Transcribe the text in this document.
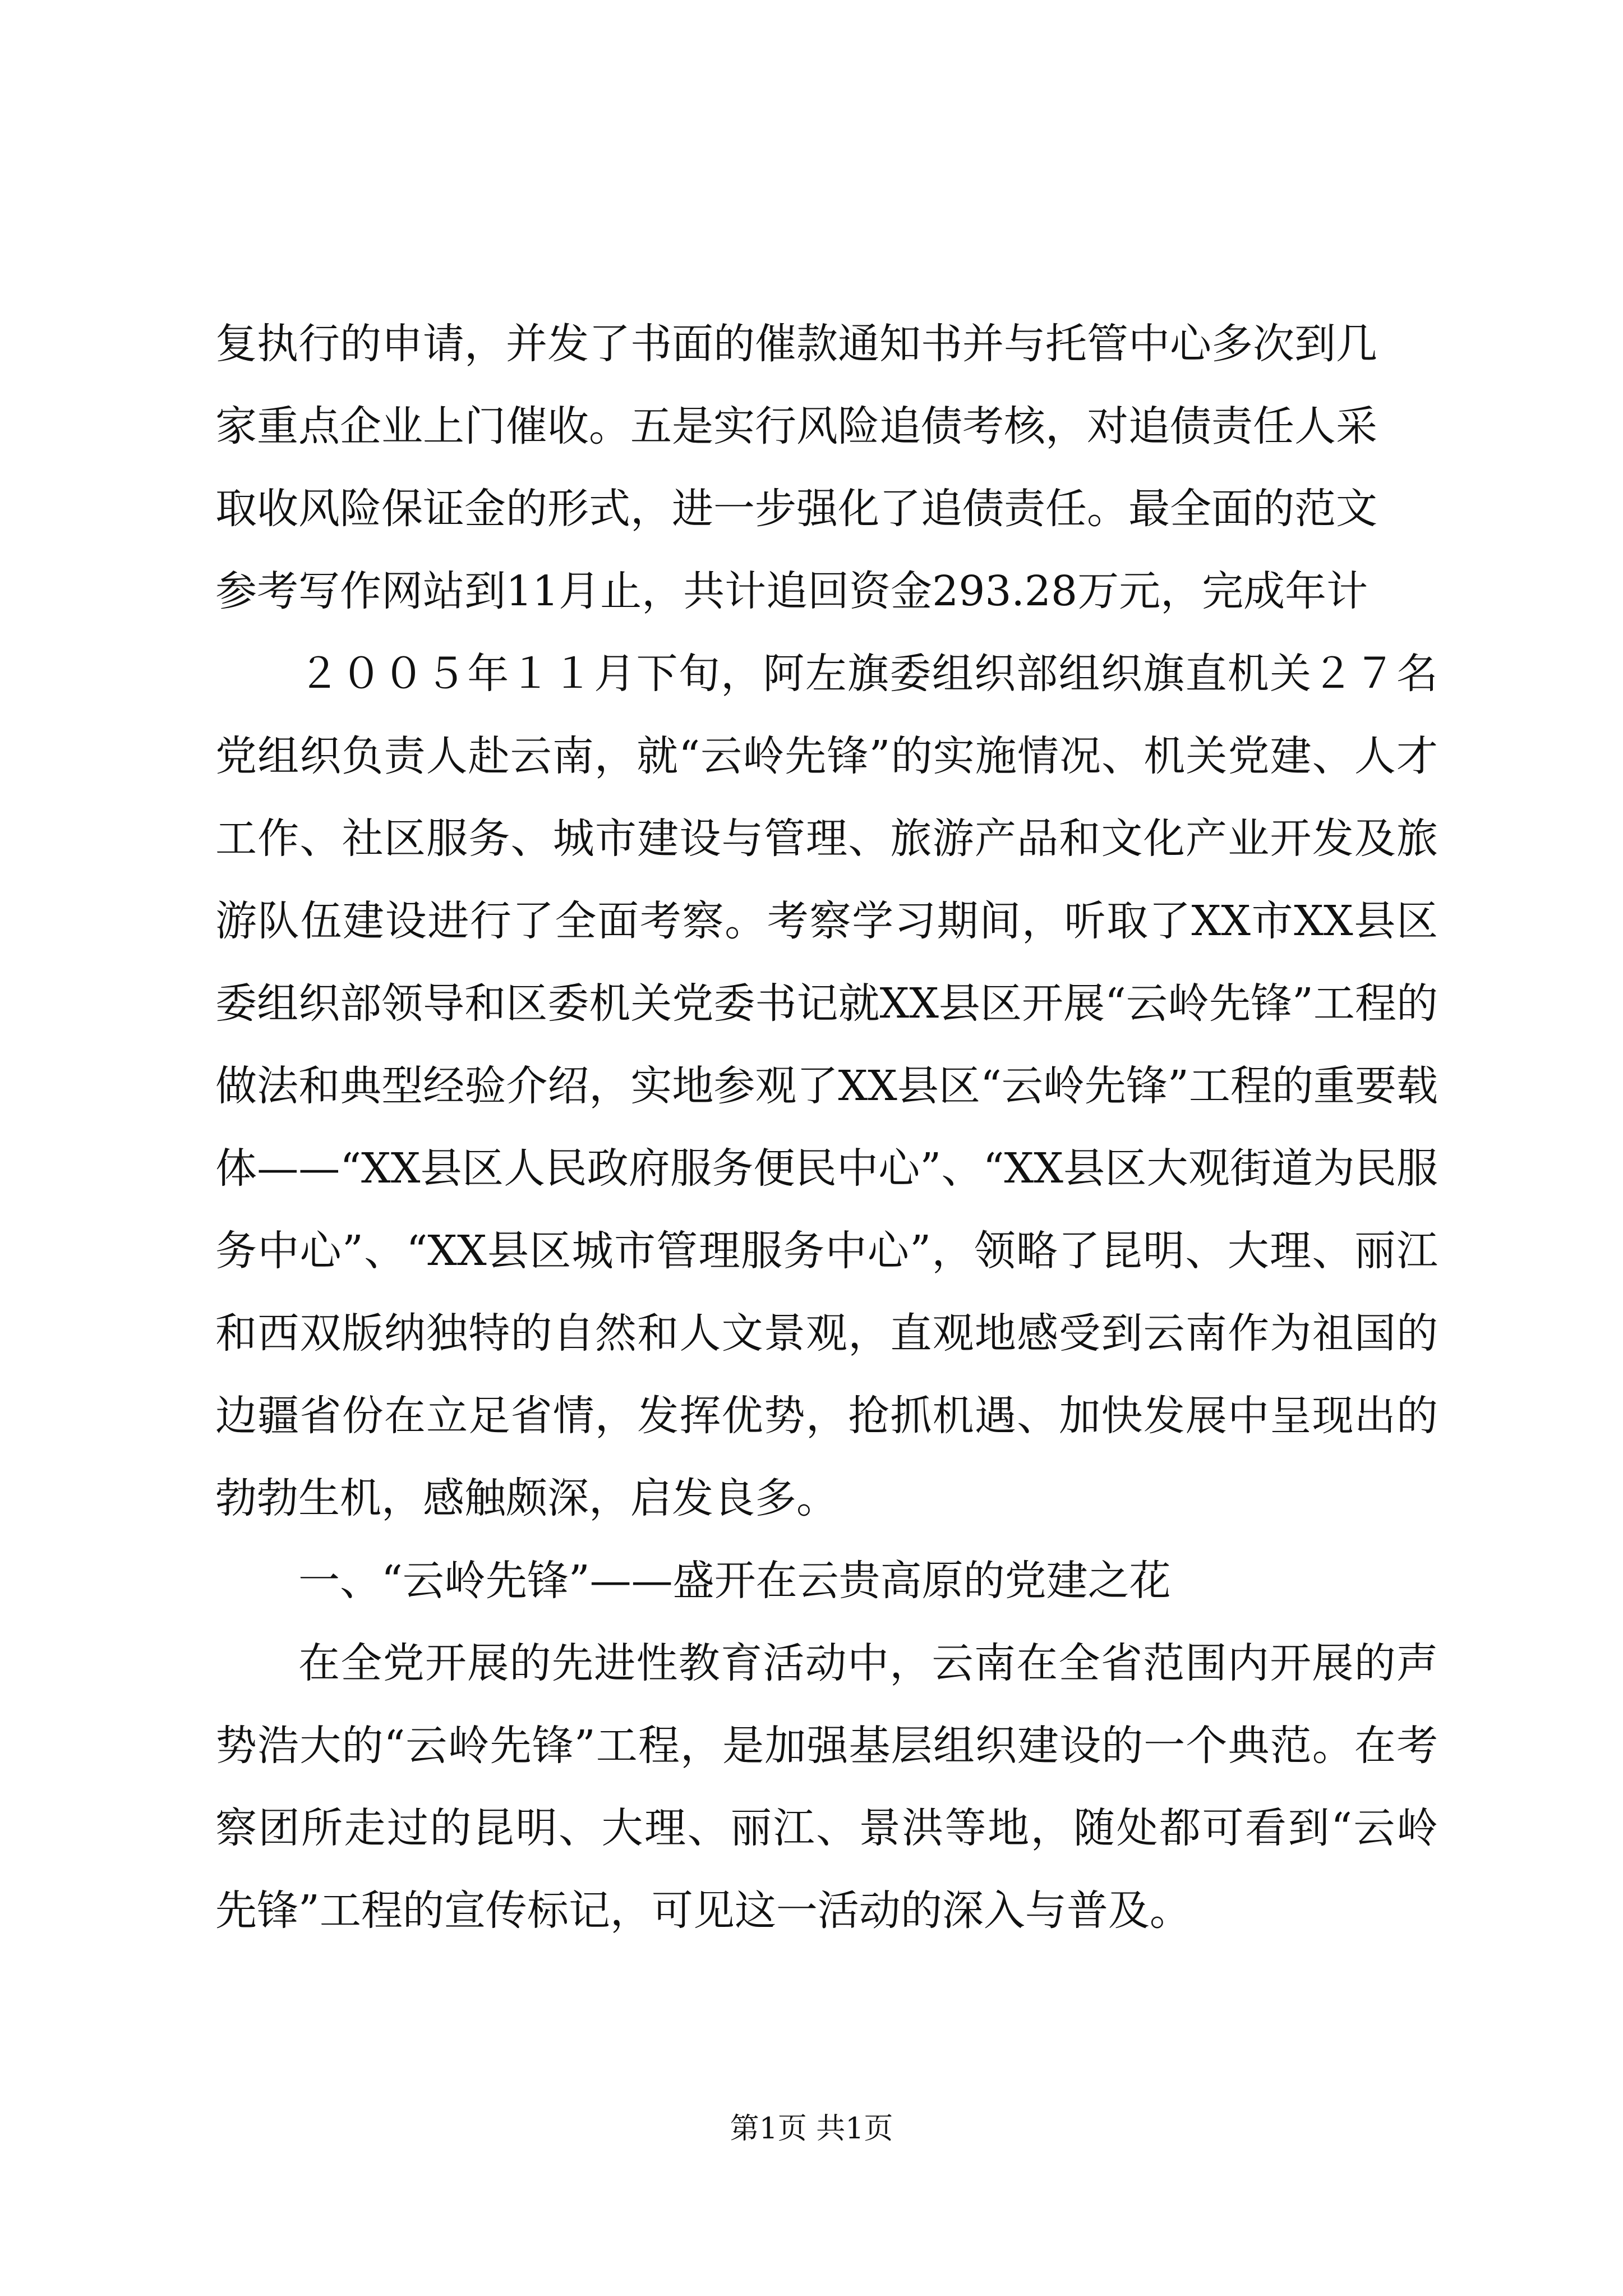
复执行的申请，并发了书面的催款通知书并与托管中心多次到几
家重点企业上门催收。五是实行风险追债考核，对追债责任人采
取收风险保证金的形式，进一步强化了追债责任。最全面的范文
参考写作网站到11月止，共计追回资金293.28万元，完成年计

２００５年１１月下旬，阿左旗委组织部组织旗直机关２７名党组织负责人赴云南，就“云岭先锋”的实施情况、机关党建、人才工作、社区服务、城市建设与管理、旅游产品和文化产业开发及旅游队伍建设进行了全面考察。考察学习期间，听取了XX市XX县区委组织部领导和区委机关党委书记就XX县区开展“云岭先锋”工程的做法和典型经验介绍，实地参观了XX县区“云岭先锋”工程的重要载体——“XX县区人民政府服务便民中心”、“XX县区大观街道为民服务中心”、“XX县区城市管理服务中心”，领略了昆明、大理、丽江和西双版纳独特的自然和人文景观，直观地感受到云南作为祖国的边疆省份在立足省情，发挥优势，抢抓机遇、加快发展中呈现出的勃勃生机，感触颇深，启发良多。

一、“云岭先锋”——盛开在云贵高原的党建之花

在全党开展的先进性教育活动中，云南在全省范围内开展的声势浩大的“云岭先锋”工程，是加强基层组织建设的一个典范。在考察团所走过的昆明、大理、丽江、景洪等地，随处都可看到“云岭先锋”工程的宣传标记，可见这一活动的深入与普及。

第1页 共1页
